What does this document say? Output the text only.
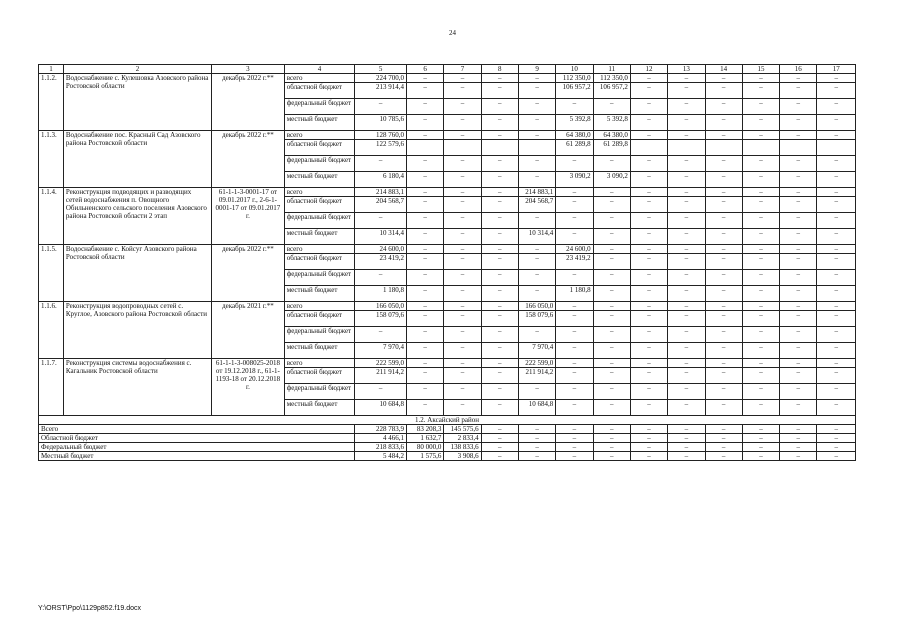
24
1	2	3	4	5	6	7	8	9	10	11	12	13	14	15	16	17
1.1.2.	Водоснабжение с. Кулешовка Азовского района Ростовской области	декабрь 2022 г.**	всего	224 700,0	–	–	–	–	112 350,0	112 350,0	–	–	–	–	–	–
			областной бюджет	213 914,4	–	–	–	–	106 957,2	106 957,2	–	–	–	–	–	–
			федеральный бюджет	–	–	–	–	–	–	–	–	–	–	–	–	–
			местный бюджет	10 785,6	–	–	–	–	5 392,8	5 392,8	–	–	–	–	–	–
1.1.3.	Водоснабжение пос. Красный Сад Азовского района Ростовской области	декабрь 2022 г.**	всего	128 760,0	–	–	–	–	64 380,0	64 380,0	–	–	–	–	–	–
			областной бюджет	122 579,6					61 289,8	61 289,8						
			федеральный бюджет	–	–	–	–	–	–	–	–	–	–	–	–	–
			местный бюджет	6 180,4	–	–	–	–	3 090,2	3 090,2	–	–	–	–	–	–
1.1.4.	Реконструкция подводящих и разводящих сетей водоснабжения п. Овощного Обильненского сельского поселения Азовского района Ростовской области 2 этап	61-1-1-3-0001-17 от 09.01.2017 г., 2-6-1-0001-17 от 09.01.2017 г.	всего	214 883,1	–	–	–	214 883,1	–	–	–	–	–	–	–	–
			областной бюджет	204 568,7	–	–	–	204 568,7	–	–	–	–	–	–	–	–
			федеральный бюджет	–	–	–	–	–	–	–	–	–	–	–	–	–
			местный бюджет	10 314,4	–	–	–	10 314,4	–	–	–	–	–	–	–	–
1.1.5.	Водоснабжение с. Койсуг Азовского района Ростовской области	декабрь 2022 г.**	всего	24 600,0	–	–	–	–	24 600,0	–	–	–	–	–	–	–
			областной бюджет	23 419,2	–	–	–	–	23 419,2	–	–	–	–	–	–	–
			федеральный бюджет	–	–	–	–	–	–	–	–	–	–	–	–	–
			местный бюджет	1 180,8	–	–	–	–	1 180,8	–	–	–	–	–	–	–
1.1.6.	Реконструкция водопроводных сетей с. Круглое, Азовского района Ростовской области	декабрь 2021 г.**	всего	166 050,0	–	–	–	166 050,0	–	–	–	–	–	–	–	–
			областной бюджет	158 079,6	–	–	–	158 079,6	–	–	–	–	–	–	–	–
			федеральный бюджет	–	–	–	–	–	–	–	–	–	–	–	–	–
			местный бюджет	7 970,4	–	–	–	7 970,4	–	–	–	–	–	–	–	–
1.1.7.	Реконструкция системы водоснабжения с. Кагальник Ростовской области	61-1-1-3-008025-2018 от 19.12.2018 г., 61-1-1193-18 от 20.12.2018 г.	всего	222 599,0	–	–	–	222 599,0	–	–	–	–	–	–	–	–
			областной бюджет	211 914,2	–	–	–	211 914,2	–	–	–	–	–	–	–	–
			федеральный бюджет	–	–	–	–	–	–	–	–	–	–	–	–	–
			местный бюджет	10 684,8	–	–	–	10 684,8	–	–	–	–	–	–	–	–
1.2. Аксайский район																
Всего				228 783,9	83 208,3	145 575,6	–	–	–	–	–	–	–	–	–	–
Областной бюджет				4 466,1	1 632,7	2 833,4	–	–	–	–	–	–	–	–	–	–
Федеральный бюджет				218 833,6	80 000,0	138 833,6	–	–	–	–	–	–	–	–	–	–
Местный бюджет				5 484,2	1 575,6	3 908,6	–	–	–	–	–	–	–	–	–	–
Y:\ORST\Ppo\1129p852.f19.docx
